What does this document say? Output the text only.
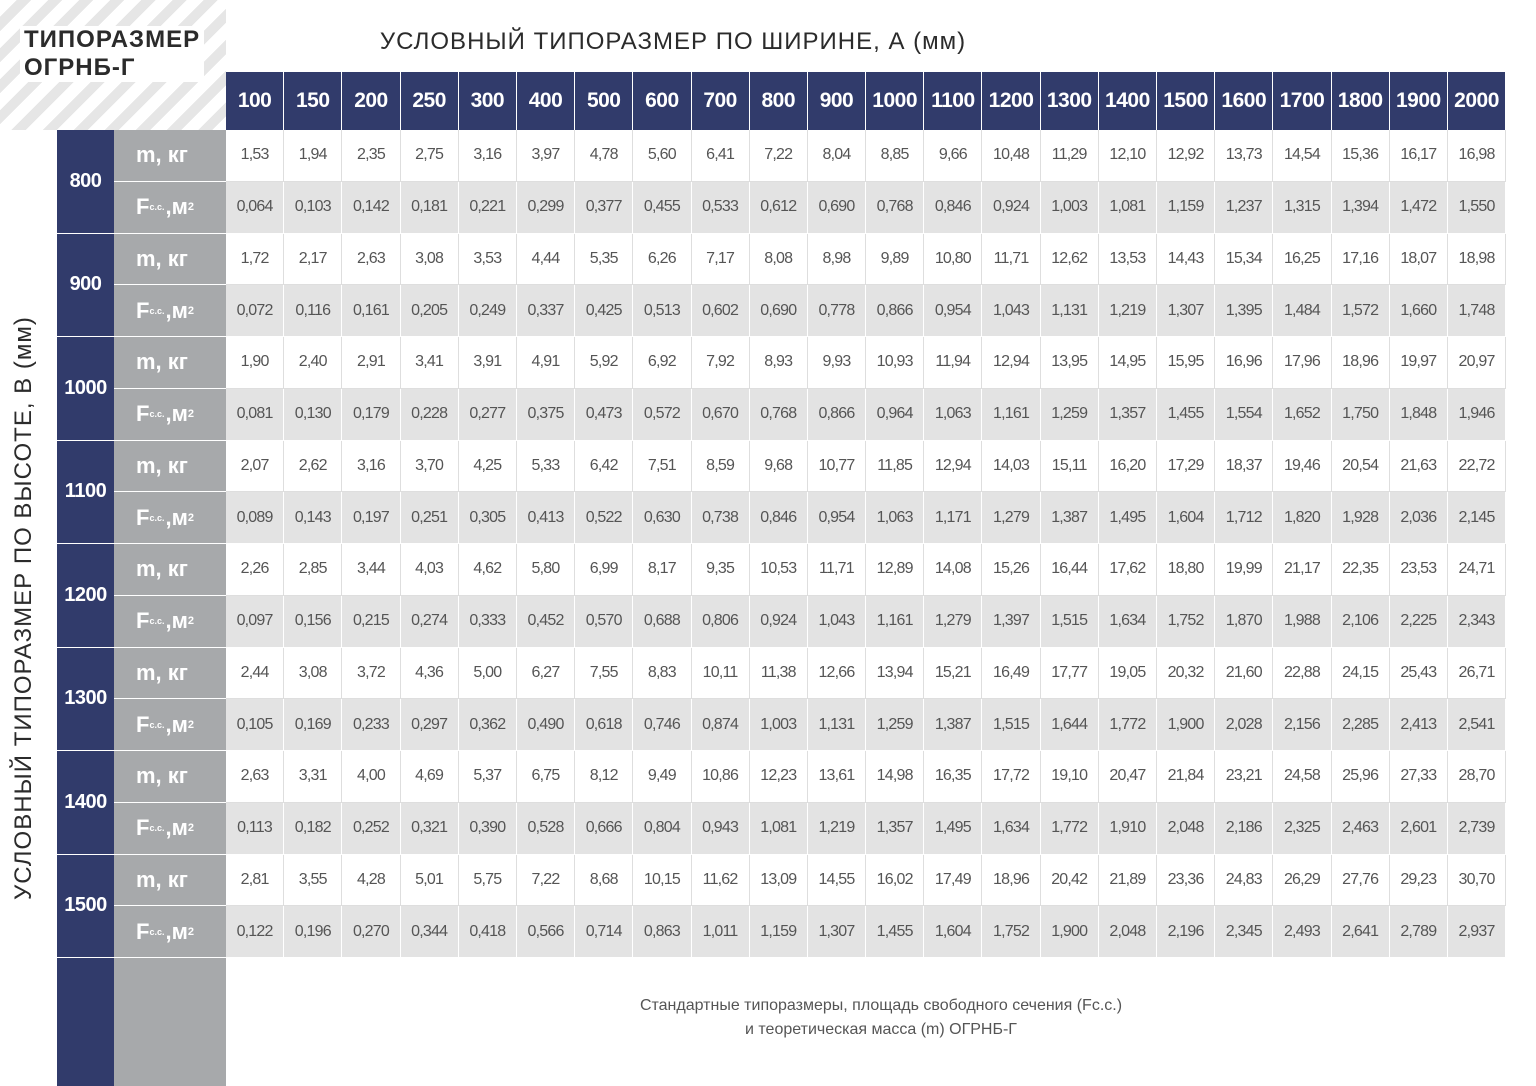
ТИПОРАЗМЕР
ОГРНБ-Г
УСЛОВНЫЙ ТИПОРАЗМЕР ПО ШИРИНЕ, А (мм)
100	150	200	250	300	400	500	600	700	800	900 1000 1100 1200 1300 1400 1500 1600 1700 1800 1900 2000
УСЛОВНЫЙ ТИПОРАЗМЕР ПО ВЫСОТЕ, В (мм)
800
m, кг	1,53	1,94	2,35	2,75	3,16	3,97	4,78	5,60	6,41	7,22	8,04	8,85	9,66	10,48	11,29	12,10	12,92	13,73	14,54	15,36	16,17	16,98
F с.с. ,м 2	0,064	0,103	0,142	0,181	0,221	0,299	0,377	0,455	0,533	0,612	0,690	0,768	0,846	0,924	1,003	1,081	1,159	1,237	1,315	1,394	1,472	1,550
900
m, кг	1,72	2,17	2,63	3,08	3,53	4,44	5,35	6,26	7,17	8,08	8,98	9,89	10,80	11,71	12,62	13,53	14,43	15,34	16,25	17,16	18,07	18,98
F с.с. ,м 2	0,072	0,116	0,161	0,205	0,249	0,337	0,425	0,513	0,602	0,690	0,778	0,866	0,954	1,043	1,131	1,219	1,307	1,395	1,484	1,572	1,660	1,748
1000
m, кг	1,90	2,40	2,91	3,41	3,91	4,91	5,92	6,92	7,92	8,93	9,93	10,93	11,94	12,94	13,95	14,95	15,95	16,96	17,96	18,96	19,97	20,97
F с.с. ,м 2	0,081	0,130	0,179	0,228	0,277	0,375	0,473	0,572	0,670	0,768	0,866	0,964	1,063	1,161	1,259	1,357	1,455	1,554	1,652	1,750	1,848	1,946
1100
m, кг	2,07	2,62	3,16	3,70	4,25	5,33	6,42	7,51	8,59	9,68	10,77	11,85	12,94	14,03	15,11	16,20	17,29	18,37	19,46	20,54	21,63	22,72
F с.с. ,м 2	0,089	0,143	0,197	0,251	0,305	0,413	0,522	0,630	0,738	0,846	0,954	1,063	1,171	1,279	1,387	1,495	1,604	1,712	1,820	1,928	2,036	2,145
1200
m, кг	2,26	2,85	3,44	4,03	4,62	5,80	6,99	8,17	9,35	10,53	11,71	12,89	14,08	15,26	16,44	17,62	18,80	19,99	21,17	22,35	23,53	24,71
F с.с. ,м 2	0,097	0,156	0,215	0,274	0,333	0,452	0,570	0,688	0,806	0,924	1,043	1,161	1,279	1,397	1,515	1,634	1,752	1,870	1,988	2,106	2,225	2,343
1300
m, кг	2,44	3,08	3,72	4,36	5,00	6,27	7,55	8,83	10,11	11,38	12,66	13,94	15,21	16,49	17,77	19,05	20,32	21,60	22,88	24,15	25,43	26,71
F с.с. ,м 2	0,105	0,169	0,233	0,297	0,362	0,490	0,618	0,746	0,874	1,003	1,131	1,259	1,387	1,515	1,644	1,772	1,900	2,028	2,156	2,285	2,413	2,541
1400
m, кг	2,63	3,31	4,00	4,69	5,37	6,75	8,12	9,49	10,86	12,23	13,61	14,98	16,35	17,72	19,10	20,47	21,84	23,21	24,58	25,96	27,33	28,70
F с.с. ,м 2	0,113	0,182	0,252	0,321	0,390	0,528	0,666	0,804	0,943	1,081	1,219	1,357	1,495	1,634	1,772	1,910	2,048	2,186	2,325	2,463	2,601	2,739
1500
m, кг	2,81	3,55	4,28	5,01	5,75	7,22	8,68	10,15	11,62	13,09	14,55	16,02	17,49	18,96	20,42	21,89	23,36	24,83	26,29	27,76	29,23	30,70
F с.с. ,м 2	0,122	0,196	0,270	0,344	0,418	0,566	0,714	0,863	1,011	1,159	1,307	1,455	1,604	1,752	1,900	2,048	2,196	2,345	2,493	2,641	2,789	2,937
Стандартные типоразмеры, площадь свободного сечения (Fc.c.)
и теоретическая масса (m) ОГРНБ-Г
